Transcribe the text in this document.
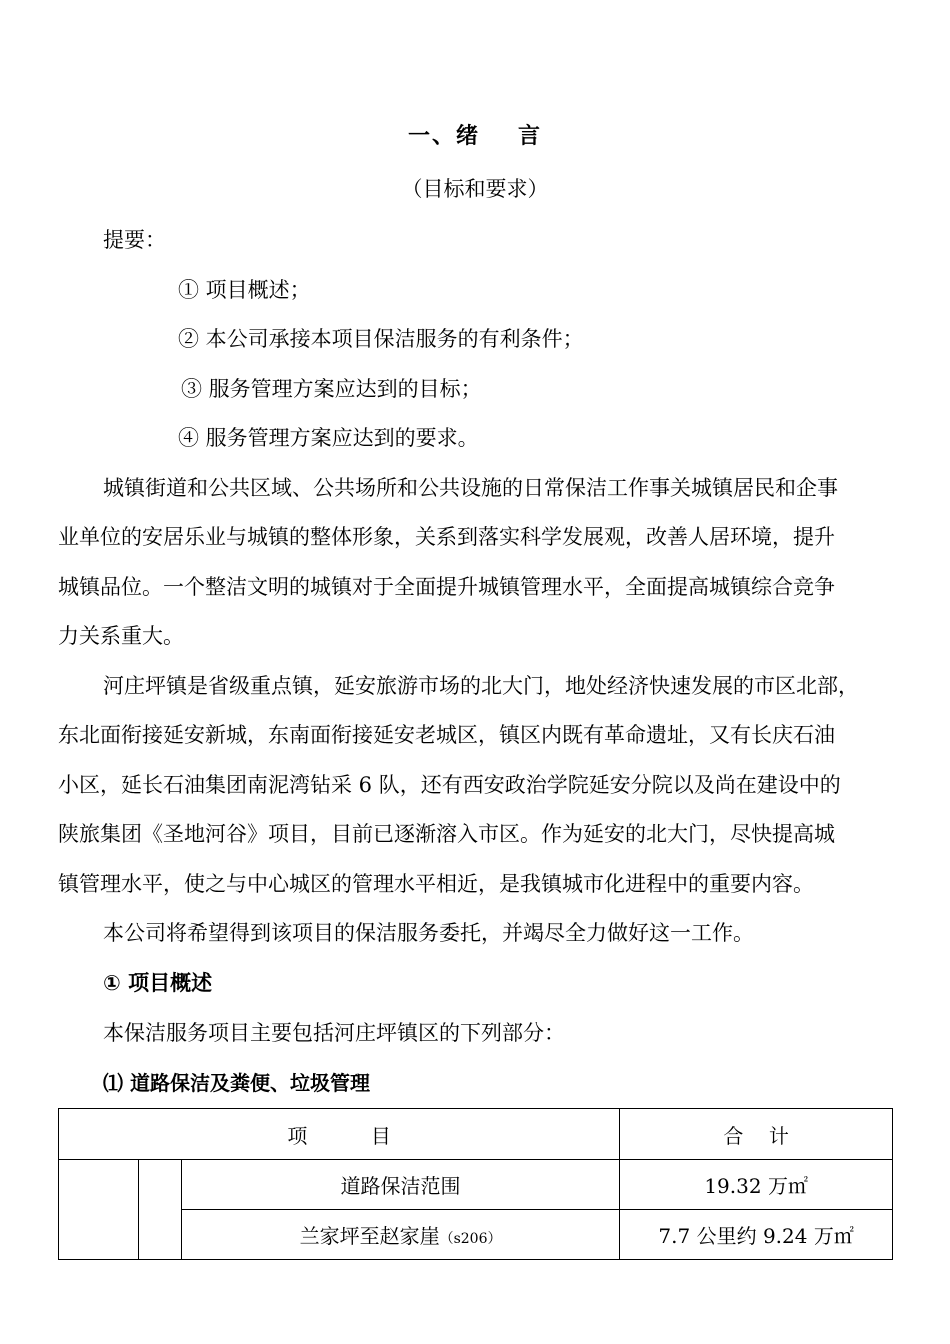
一、绪 言
（目标和要求）
提要：
① 项目概述；
② 本公司承接本项目保洁服务的有利条件；
③ 服务管理方案应达到的目标；
④ 服务管理方案应达到的要求。
城镇街道和公共区域、公共场所和公共设施的日常保洁工作事关城镇居民和企事
业单位的安居乐业与城镇的整体形象，关系到落实科学发展观，改善人居环境，提升
城镇品位。一个整洁文明的城镇对于全面提升城镇管理水平，全面提高城镇综合竞争
力关系重大。
河庄坪镇是省级重点镇，延安旅游市场的北大门，地处经济快速发展的市区北部，
东北面衔接延安新城，东南面衔接延安老城区，镇区内既有革命遗址，又有长庆石油
小区，延长石油集团南泥湾钻采 6 队，还有西安政治学院延安分院以及尚在建设中的
陕旅集团《圣地河谷》项目，目前已逐渐溶入市区。作为延安的北大门，尽快提高城
镇管理水平，使之与中心城区的管理水平相近，是我镇城市化进程中的重要内容。
本公司将希望得到该项目的保洁服务委托，并竭尽全力做好这一工作。
① 项目概述
本保洁服务项目主要包括河庄坪镇区的下列部分：
⑴ 道路保洁及粪便、垃圾管理
项          目			合    计
		道路保洁范围	19.32 万㎡
		兰家坪至赵家崖（s206）	7.7 公里约 9.24 万㎡
